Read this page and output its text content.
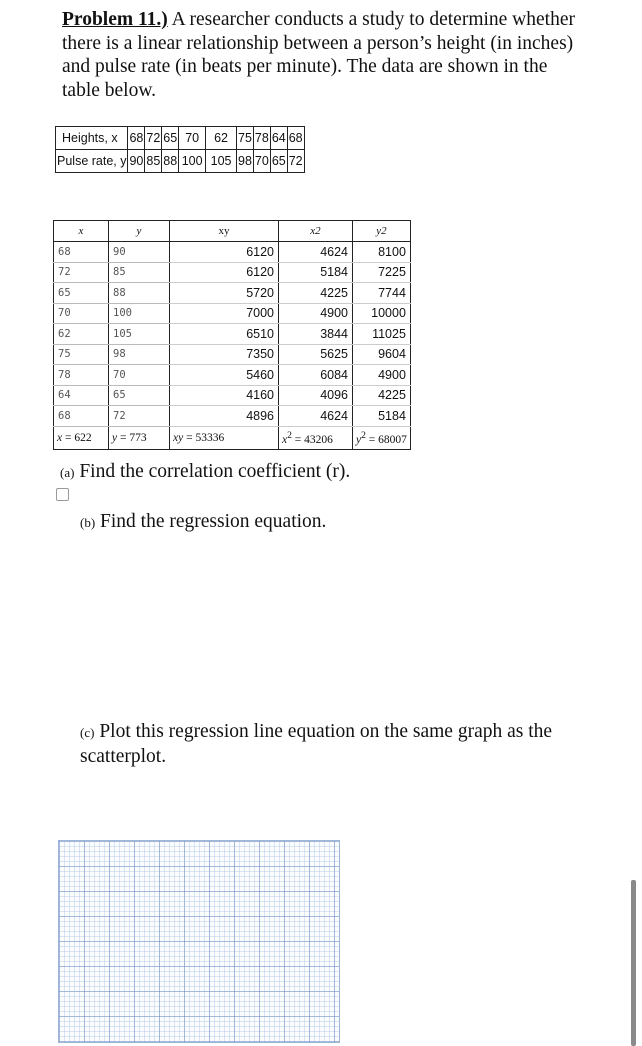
Problem 11.) A researcher conducts a study to determine whether there is a linear relationship between a person’s height (in inches) and pulse rate (in beats per minute). The data are shown in the table below.
Heights, x	68	72	65	70	62	75	78	64	68
Pulse rate, y	90	85	88	100	105	98	70	65	72
x	y	xy	x2	y2
68	90	6120	4624	8100
72	85	6120	5184	7225
65	88	5720	4225	7744
70	100	7000	4900	10000
62	105	6510	3844	11025
75	98	7350	5625	9604
78	70	5460	6084	4900
64	65	4160	4096	4225
68	72	4896	4624	5184
x = 622	y = 773	xy = 53336	$x^2 = 43206$	$y^2 = 68007$
(a) Find the correlation coefficient (r).
(b) Find the regression equation.
(c) Plot this regression line equation on the same graph as the scatterplot.
